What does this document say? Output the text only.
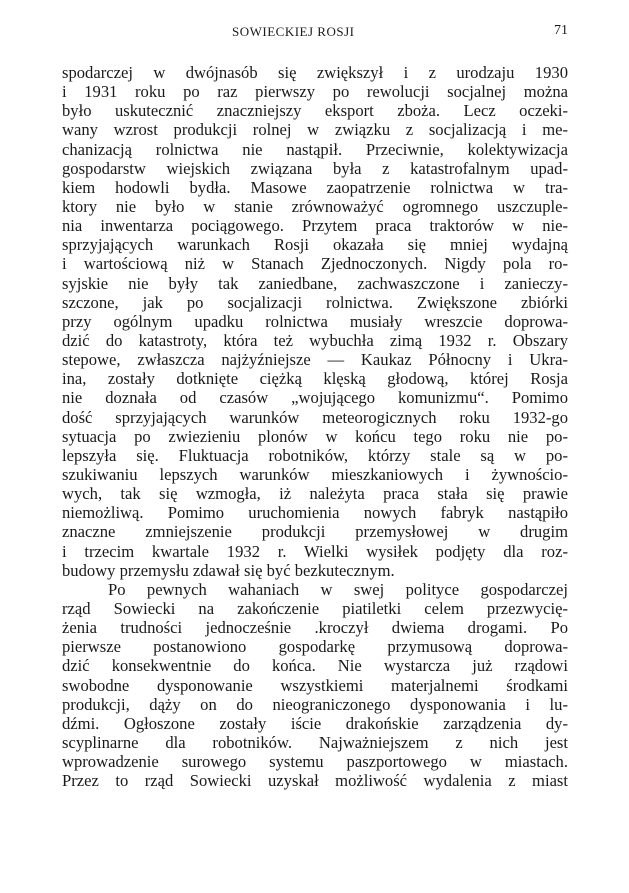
SOWIECKIEJ ROSJI	71
spodarczej w dwójnasób się zwiększył i z urodzaju 1930
i 1931 roku po raz pierwszy po rewolucji socjalnej można
było uskutecznić znaczniejszy eksport zboża. Lecz oczeki-
wany wzrost produkcji rolnej w związku z socjalizacją i me-
chanizacją rolnictwa nie nastąpił. Przeciwnie, kolektywizacja
gospodarstw wiejskich związana była z katastrofalnym upad-
kiem hodowli bydła. Masowe zaopatrzenie rolnictwa w tra-
ktory nie było w stanie zrównoważyć ogromnego uszczuple-
nia inwentarza pociągowego. Przytem praca traktorów w nie-
sprzyjających warunkach Rosji okazała się mniej wydajną
i wartościową niż w Stanach Zjednoczonych. Nigdy pola ro-
syjskie nie były tak zaniedbane, zachwaszczone i zanieczy-
szczone, jak po socjalizacji rolnictwa. Zwiększone zbiórki
przy ogólnym upadku rolnictwa musiały wreszcie doprowa-
dzić do katastroty, która też wybuchła zimą 1932 r. Obszary
stepowe, zwłaszcza najżyźniejsze — Kaukaz Północny i Ukra-
ina, zostały dotknięte ciężką klęską głodową, której Rosja
nie doznała od czasów „wojującego komunizmu“. Pomimo
dość sprzyjających warunków meteorogicznych roku 1932-go
sytuacja po zwiezieniu plonów w końcu tego roku nie po-
lepszyła się. Fluktuacja robotników, którzy stale są w po-
szukiwaniu lepszych warunków mieszkaniowych i żywnościo-
wych, tak się wzmogła, iż należyta praca stała się prawie
niemożliwą. Pomimo uruchomienia nowych fabryk nastąpiło
znaczne zmniejszenie produkcji przemysłowej w drugim
i trzecim kwartale 1932 r. Wielki wysiłek podjęty dla roz-
budowy przemysłu zdawał się być bezkutecznym.
Po pewnych wahaniach w swej polityce gospodarczej
rząd Sowiecki na zakończenie piatiletki celem przezwycię-
żenia trudności jednocześnie .kroczył dwiema drogami. Po
pierwsze postanowiono gospodarkę przymusową doprowa-
dzić konsekwentnie do końca. Nie wystarcza już rządowi
swobodne dysponowanie wszystkiemi materjalnemi środkami
produkcji, dąży on do nieograniczonego dysponowania i lu-
dźmi. Ogłoszone zostały iście drakońskie zarządzenia dy-
scyplinarne dla robotników. Najważniejszem z nich jest
wprowadzenie surowego systemu paszportowego w miastach.
Przez to rząd Sowiecki uzyskał możliwość wydalenia z miast
